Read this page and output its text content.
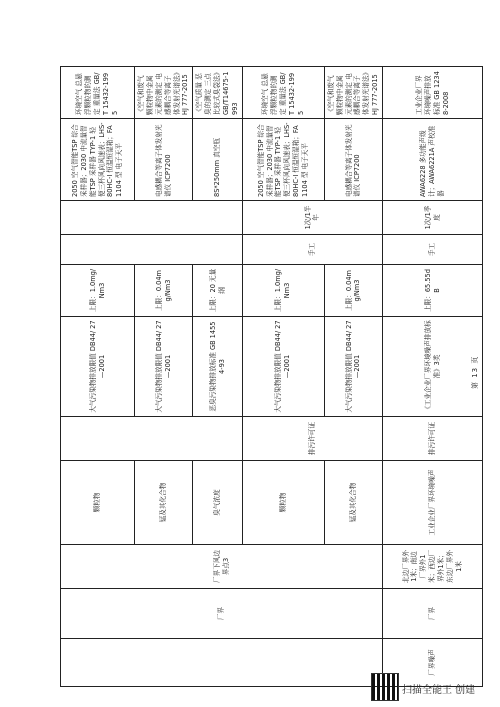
	厂界	厂界下风边界点3	颗粒物		大气污染物排放限值 DB44/ 27—2001	上限：1.0mg/Nm3			2050 空气智能TSP 综合采样器；2030 中流量智能TSP 采样器 TYP-1 轻便三杯风向风速表；LHS-80HC-I 恒温恒湿箱；FA1104 型 电子天平	环境空气 总悬浮颗粒物的测定 重量法 GB/T 15432-1995
			锰及其化合物		大气污染物排放限值 DB44/ 27—2001	上限：0.04mg/Nm3			电感耦合等离子体发射光谱仪 ICP7200	《空气和废气 颗粒物中金属元素的测定 电感耦合等离子体发射光谱法》HJ 777-2015
			臭气浓度		恶臭污染物排放标准 GB 14554-93	上限：20 无量纲			8S*250mm 真空瓶	《空气质量 恶臭的测定 三点比较式臭袋法》GB/T14675-1993
			颗粒物	排污许可证	大气污染物排放限值 DB44/ 27—2001	上限：1.0mg/Nm3	手工	1次/1半年	2050 空气智能TSP 综合采样器；2030 中流量智能TSP 采样器 TYP-1 轻便三杯风向风速表；LHS-80HC-I 恒温恒湿箱；FA1104 型 电子天平	环境空气 总悬浮颗粒物的测定 重量法 GB/T 15432-1995
			锰及其化合物		大气污染物排放限值 DB44/ 27—2001	上限：0.04mg/Nm3			电感耦合等离子体发射光谱仪 ICP7200	《空气和废气 颗粒物中金属元素的测定 电感耦合等离子体发射光谱法》HJ 777-2015
厂界噪声	厂界	北边厂界外1米；南边厂界外1米；西边厂界外1米；东边厂界外1米	工业企业厂界环境噪声	排污许可证	《工业企业厂界环境噪声排放标准》3类	上限：65.55dB	手工	1次/1季度	AWA6228 多功能声级计；AWA6221A 声校准器	工业企业厂界环境噪声排放标准 GB 12348-2008
第 13 页
扫描全能王 创建
